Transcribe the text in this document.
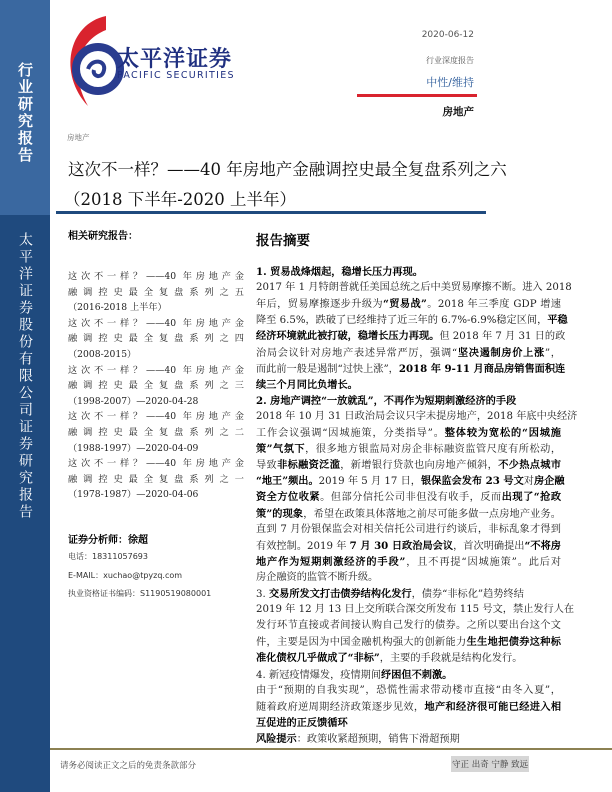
行业研究报告
太平洋证券股份有限公司证券研究报告
太平洋证券
PACIFIC SECURITIES
2020-06-12
行业深度报告
中性/维持
房地产
房地产
这次不一样？——40 年房地产金融调控史最全复盘系列之六
（2018 下半年-2020 上半年）
相关研究报告：
这次不一样？——40 年房地产金
融调控史最全复盘系列之五
（2016-2018 上半年）
这次不一样？——40 年房地产金
融调控史最全复盘系列之四
（2008-2015）
这次不一样？——40 年房地产金
融调控史最全复盘系列之三
（1998-2007）—2020-04-28
这次不一样？——40 年房地产金
融调控史最全复盘系列之二
（1988-1997）—2020-04-09
这次不一样？——40 年房地产金
融调控史最全复盘系列之一
（1978-1987）—2020-04-06
证券分析师：徐超
电话：18311057693
E-MAIL：xuchao@tpyzq.com
执业资格证书编码：S1190519080001
报告摘要
1. 贸易战烽烟起，稳增长压力再现。
2017 年 1 月特朗普就任美国总统之后中美贸易摩擦不断。进入 2018
年后，贸易摩擦逐步升级为“贸易战”。2018 年三季度 GDP 增速
降至 6.5%，跌破了已经维持了近三年的 6.7%-6.9%稳定区间，平稳
经济环境就此被打破，稳增长压力再现。但 2018 年 7 月 31 日的政
治局会议针对房地产表述异常严厉，强调“坚决遏制房价上涨”，
而此前一般是遏制“过快上涨”，2018 年 9-11 月商品房销售面积连
续三个月同比负增长。
2. 房地产调控“一放就乱”，不再作为短期刺激经济的手段
2018 年 10 月 31 日政治局会议只字未提房地产，2018 年底中央经济
工作会议强调“因城施策，分类指导”。整体较为宽松的“因城施
策”气氛下，很多地方银监局对房企非标融资监管尺度有所松动，
导致非标融资泛滥，新增银行贷款也向房地产倾斜，不少热点城市
“地王”频出。2019 年 5 月 17 日，银保监会发布 23 号文对房企融
资全方位收紧。但部分信托公司非但没有收手，反而出现了“抢政
策”的现象，希望在政策具体落地之前尽可能多做一点房地产业务。
直到 7 月份银保监会对相关信托公司进行约谈后，非标乱象才得到
有效控制。2019 年 7 月 30 日政治局会议，首次明确提出“不将房
地产作为短期刺激经济的手段”，且不再提“因城施策”。此后对
房企融资的监管不断升级。
3. 交易所发文打击债券结构化发行，债券“非标化”趋势终结
2019 年 12 月 13 日上交所联合深交所发布 115 号文，禁止发行人在
发行环节直接或者间接认购自己发行的债券。之所以要出台这个文
件，主要是因为中国金融机构强大的创新能力生生地把债券这种标
准化债权几乎做成了“非标”，主要的手段就是结构化发行。
4. 新冠疫情爆发，疫情期间纾困但不刺激。
由于“预期的自我实现”，恐慌性需求带动楼市直接“由冬入夏”，
随着政府逆周期经济政策逐步见效，地产和经济很可能已经进入相
互促进的正反馈循环
风险提示：政策收紧超预期，销售下滑超预期
请务必阅读正文之后的免责条款部分	守正 出奇 宁静 致远
